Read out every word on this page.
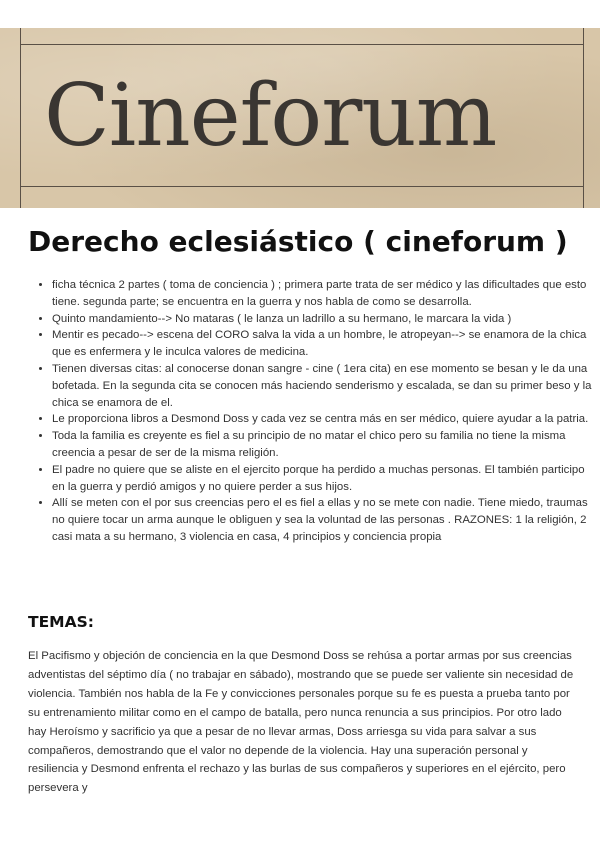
Cineforum
Derecho eclesiástico ( cineforum )
• ficha técnica 2 partes ( toma de conciencia ) ; primera parte trata de ser médico y las dificultades que esto tiene. segunda parte; se encuentra en la guerra y nos habla de como se desarrolla.
• Quinto mandamiento--> No mataras ( le lanza un ladrillo a su hermano, le marcara la vida )
• Mentir es pecado--> escena del CORO salva la vida a un hombre, le atropeyan--> se enamora de la chica que es enfermera y le inculca valores de medicina.
• Tienen diversas citas: al conocerse donan sangre - cine ( 1era cita) en ese momento se besan y le da una bofetada. En la segunda cita se conocen más haciendo senderismo y escalada, se dan su primer beso y la chica se enamora de el.
• Le proporciona libros a Desmond Doss y cada vez se centra más en ser médico, quiere ayudar a la patria.
• Toda la familia es creyente es fiel a su principio de no matar el chico pero su familia no tiene la misma creencia a pesar de ser de la misma religión.
• El padre no quiere que se aliste en el ejercito porque ha perdido a muchas personas. El también participo en la guerra y perdió amigos y no quiere perder a sus hijos.
• Allí se meten con el por sus creencias pero el es fiel a ellas y no se mete con nadie. Tiene miedo, traumas no quiere tocar un arma aunque le obliguen y sea la voluntad de las personas . RAZONES: 1 la religión, 2 casi mata a su hermano, 3 violencia en casa, 4 principios y conciencia propia
TEMAS:

El Pacifismo y objeción de conciencia en la que Desmond Doss se rehúsa a portar armas por sus creencias adventistas del séptimo día ( no trabajar en sábado), mostrando que se puede ser valiente sin necesidad de violencia. También nos habla de la Fe y convicciones personales porque su fe es puesta a prueba tanto por su entrenamiento militar como en el campo de batalla, pero nunca renuncia a sus principios. Por otro lado hay Heroísmo y sacrificio ya que a pesar de no llevar armas, Doss arriesga su vida para salvar a sus compañeros, demostrando que el valor no depende de la violencia. Hay una superación personal y resiliencia y Desmond enfrenta el rechazo y las burlas de sus compañeros y superiores en el ejército, pero persevera y
